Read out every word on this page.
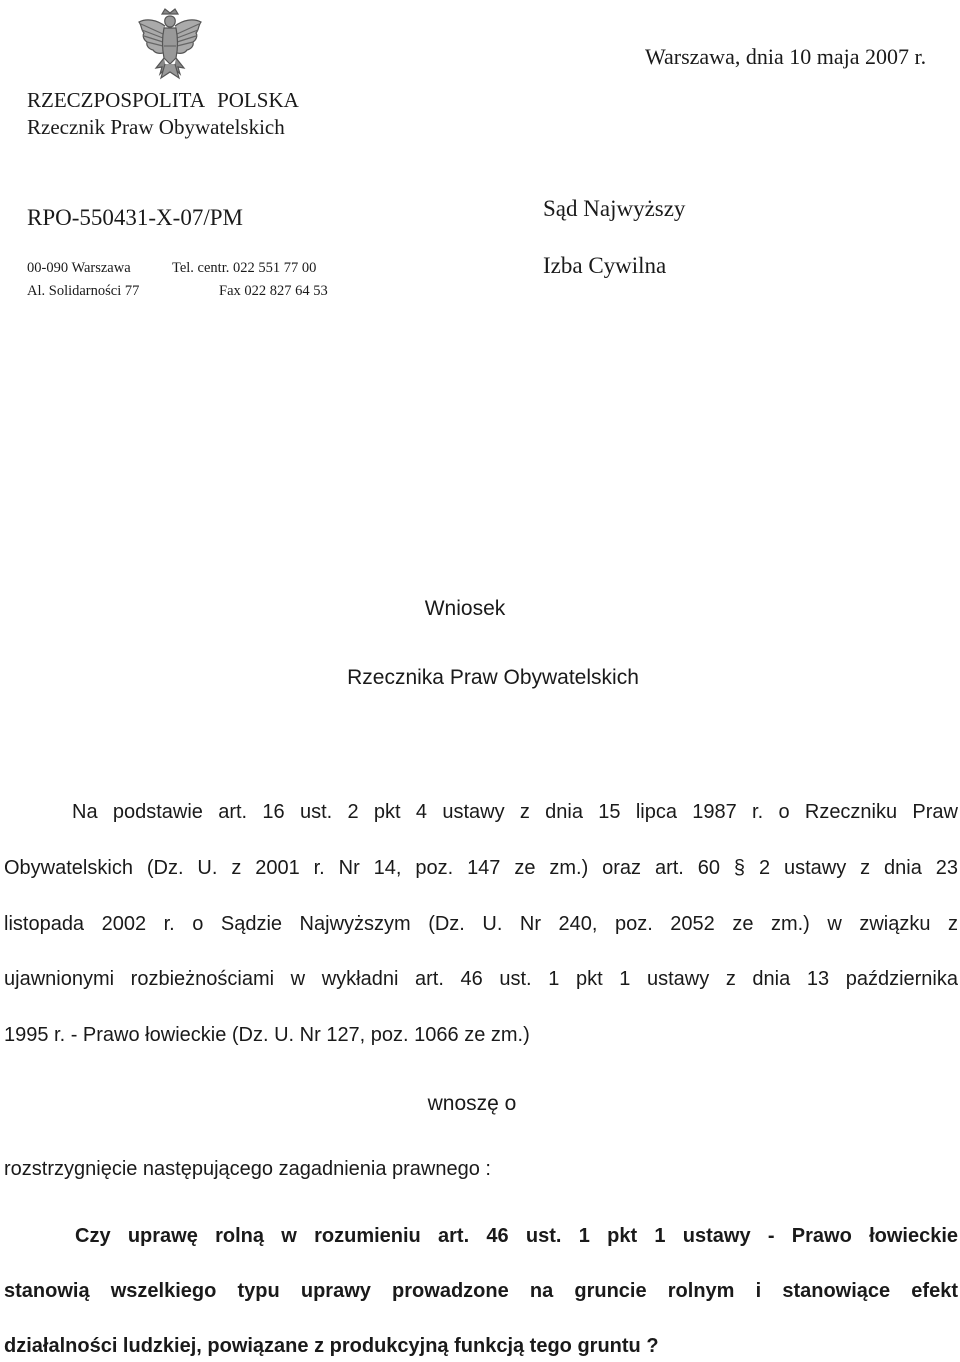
Warszawa, dnia 10 maja 2007 r.
RZECZPOSPOLITA POLSKA
Rzecznik Praw Obywatelskich
RPO-550431-X-07/PM	Sąd Najwyższy
Izba Cywilna
00-090 Warszawa	Tel. centr. 022 551 77 00
Al. Solidarności 77	Fax 022 827 64 53
Wniosek
Rzecznika Praw Obywatelskich
Na podstawie art. 16 ust. 2 pkt 4 ustawy z dnia 15 lipca 1987 r. o Rzeczniku Praw
Obywatelskich (Dz. U. z 2001 r. Nr 14, poz. 147 ze zm.) oraz art. 60 § 2 ustawy z dnia 23
listopada 2002 r. o Sądzie Najwyższym (Dz. U. Nr 240, poz. 2052 ze zm.) w związku z
ujawnionymi rozbieżnościami w wykładni art. 46 ust. 1 pkt 1 ustawy z dnia 13 października
1995 r. - Prawo łowieckie (Dz. U. Nr 127, poz. 1066 ze zm.)
wnoszę o
rozstrzygnięcie następującego zagadnienia prawnego :
Czy uprawę rolną w rozumieniu art. 46 ust. 1 pkt 1 ustawy - Prawo łowieckie
stanowią wszelkiego typu uprawy prowadzone na gruncie rolnym i stanowiące efekt
działalności ludzkiej, powiązane z produkcyjną funkcją tego gruntu ?
